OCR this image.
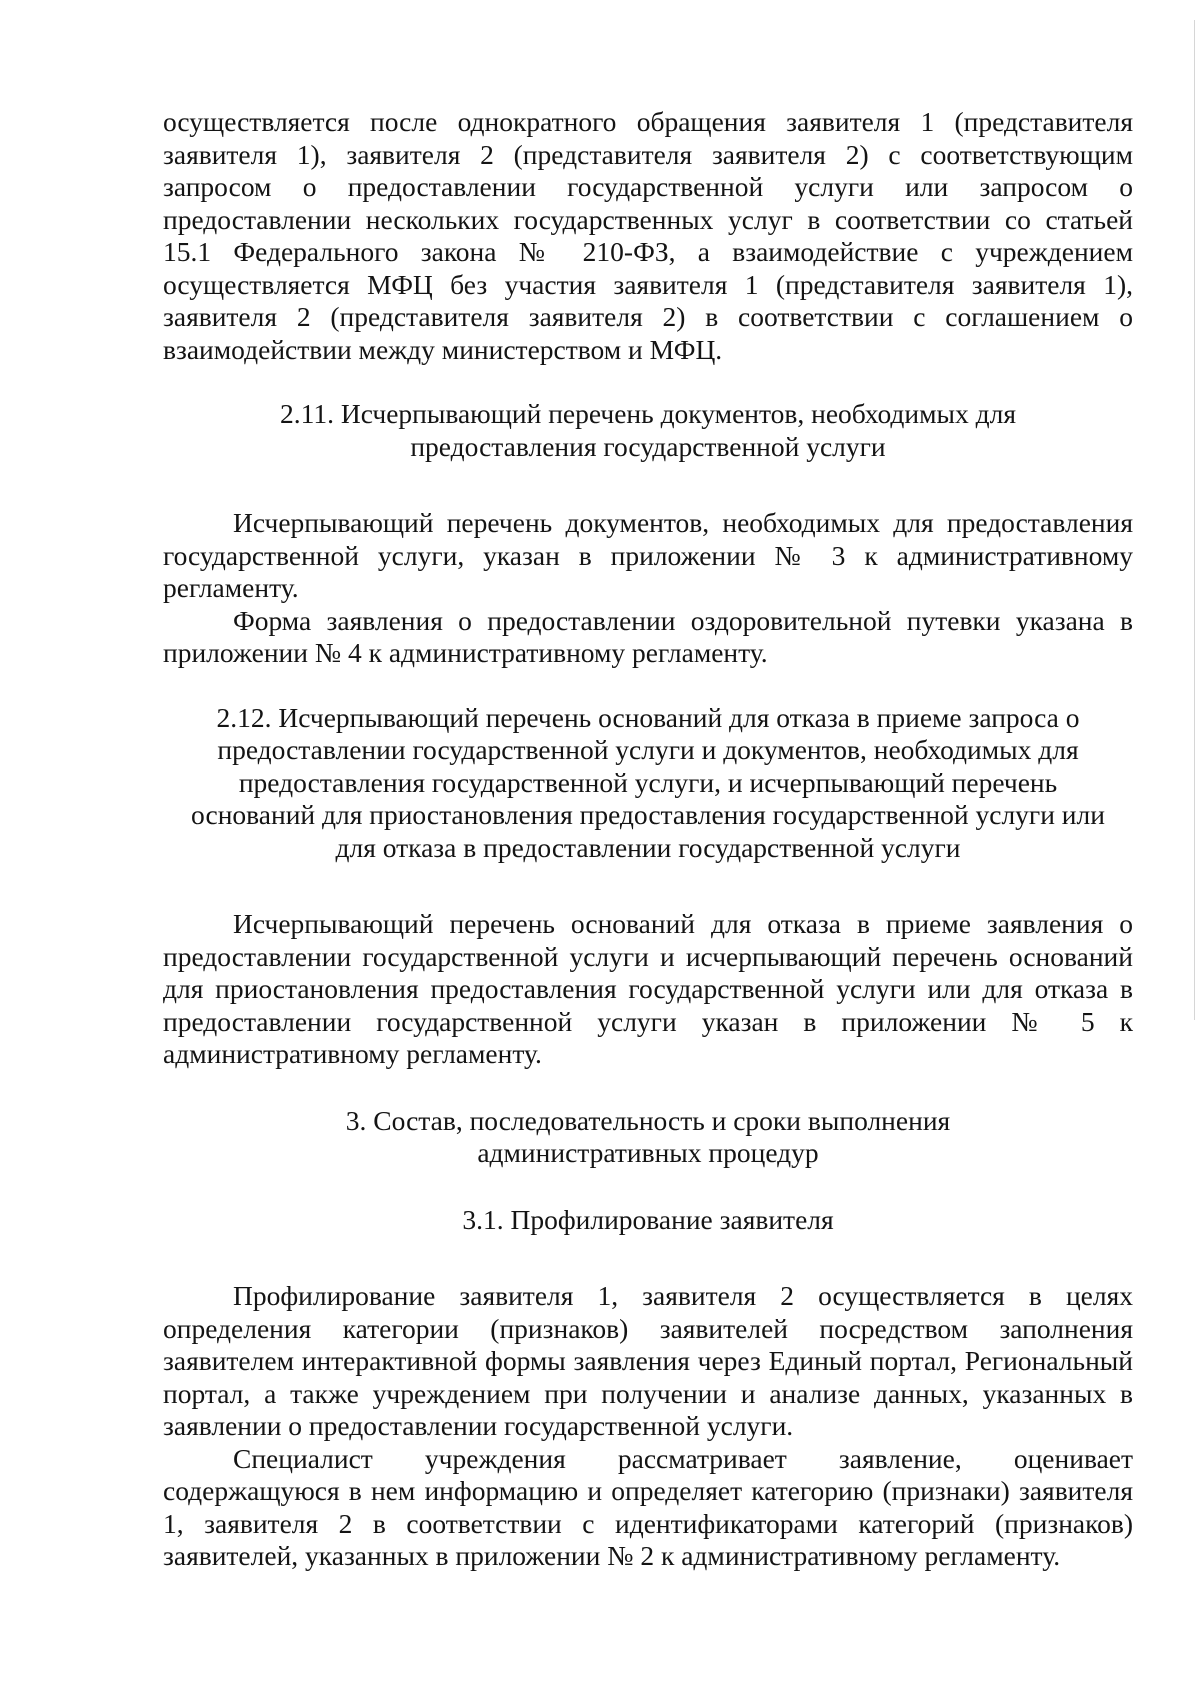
осуществляется после однократного обращения заявителя 1 (представителя заявителя 1), заявителя 2 (представителя заявителя 2) с соответствующим запросом о предоставлении государственной услуги или запросом о предоставлении нескольких государственных услуг в соответствии со статьей 15.1 Федерального закона № 210-ФЗ, а взаимодействие с учреждением осуществляется МФЦ без участия заявителя 1 (представителя заявителя 1), заявителя 2 (представителя заявителя 2) в соответствии с соглашением о взаимодействии между министерством и МФЦ.

2.11. Исчерпывающий перечень документов, необходимых для
предоставления государственной услуги

Исчерпывающий перечень документов, необходимых для предоставления государственной услуги, указан в приложении № 3 к административному регламенту.

Форма заявления о предоставлении оздоровительной путевки указана в приложении № 4 к административному регламенту.

2.12. Исчерпывающий перечень оснований для отказа в приеме запроса о
предоставлении государственной услуги и документов, необходимых для
предоставления государственной услуги, и исчерпывающий перечень
оснований для приостановления предоставления государственной услуги или
для отказа в предоставлении государственной услуги

Исчерпывающий перечень оснований для отказа в приеме заявления о предоставлении государственной услуги и исчерпывающий перечень оснований для приостановления предоставления государственной услуги или для отказа в предоставлении государственной услуги указан в приложении № 5 к административному регламенту.

3. Состав, последовательность и сроки выполнения
административных процедур
3.1. Профилирование заявителя

Профилирование заявителя 1, заявителя 2 осуществляется в целях определения категории (признаков) заявителей посредством заполнения заявителем интерактивной формы заявления через Единый портал, Региональный портал, а также учреждением при получении и анализе данных, указанных в заявлении о предоставлении государственной услуги.

Специалист учреждения рассматривает заявление, оценивает содержащуюся в нем информацию и определяет категорию (признаки) заявителя 1, заявителя 2 в соответствии с идентификаторами категорий (признаков) заявителей, указанных в приложении № 2 к административному регламенту.
